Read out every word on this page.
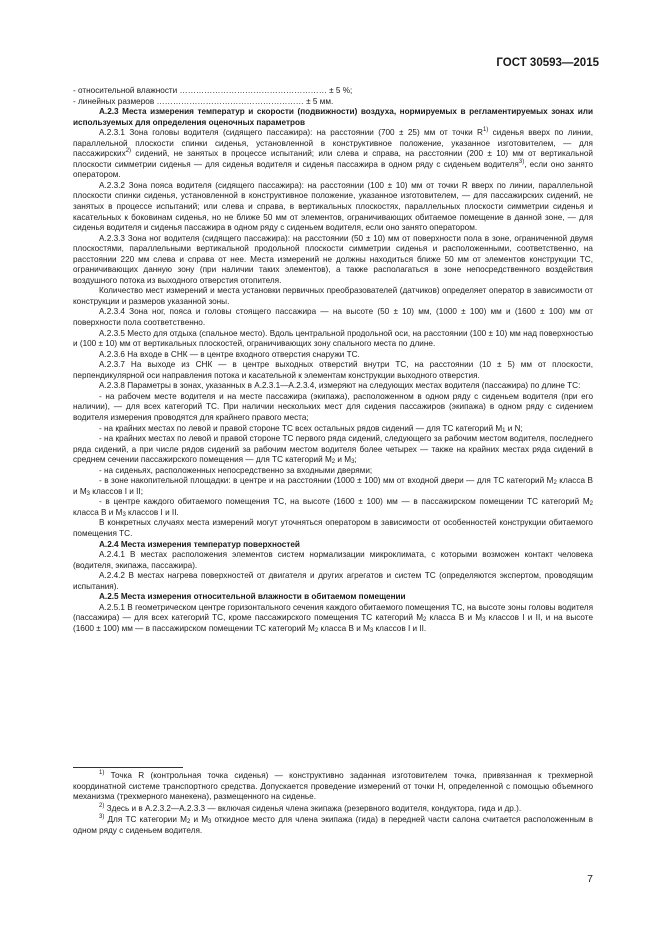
ГОСТ 30593—2015

- относительной влажности ……………………………………………… ± 5 %;

- линейных размеров ……………………………………………… ± 5 мм.

А.2.3 Места измерения температур и скорости (подвижности) воздуха, нормируемых в регламентируемых зонах или используемых для определения оценочных параметров

А.2.3.1 Зона головы водителя (сидящего пассажира): на расстоянии (700 ± 25) мм от точки $R^{1)}$ сиденья вверх по линии, параллельной плоскости спинки сиденья, установленной в конструктивное положение, указанное изготовителем, — для пассажирских$^{2)}$ сидений, не занятых в процессе испытаний; или слева и справа, на расстоянии (200 ± 10) мм от вертикальной плоскости симметрии сиденья — для сиденья водителя и сиденья пассажира в одном ряду с сиденьем водителя$^{3)}$, если оно занято оператором.

А.2.3.2 Зона пояса водителя (сидящего пассажира): на расстоянии (100 ± 10) мм от точки R вверх по линии, параллельной плоскости спинки сиденья, установленной в конструктивное положение, указанное изготовителем, — для пассажирских сидений, не занятых в процессе испытаний; или слева и справа, в вертикальных плоскостях, параллельных плоскости симметрии сиденья и касательных к боковинам сиденья, но не ближе 50 мм от элементов, ограничивающих обитаемое помещение в данной зоне, — для сиденья водителя и сиденья пассажира в одном ряду с сиденьем водителя, если оно занято оператором.

А.2.3.3 Зона ног водителя (сидящего пассажира): на расстоянии (50 ± 10) мм от поверхности пола в зоне, ограниченной двумя плоскостями, параллельными вертикальной продольной плоскости симметрии сиденья и расположенными, соответственно, на расстоянии 220 мм слева и справа от нее. Места измерений не должны находиться ближе 50 мм от элементов конструкции ТС, ограничивающих данную зону (при наличии таких элементов), а также располагаться в зоне непосредственного воздействия воздушного потока из выходного отверстия отопителя.

Количество мест измерений и места установки первичных преобразователей (датчиков) определяет оператор в зависимости от конструкции и размеров указанной зоны.

А.2.3.4 Зона ног, пояса и головы стоящего пассажира — на высоте (50 ± 10) мм, (1000 ± 100) мм и (1600 ± 100) мм от поверхности пола соответственно.

А.2.3.5 Место для отдыха (спальное место). Вдоль центральной продольной оси, на расстоянии (100 ± 10) мм над поверхностью и (100 ± 10) мм от вертикальных плоскостей, ограничивающих зону спального места по длине.

А.2.3.6 На входе в СНК — в центре входного отверстия снаружи ТС.

А.2.3.7 На выходе из СНК — в центре выходных отверстий внутри ТС, на расстоянии (10 ± 5) мм от плоскости, перпендикулярной оси направления потока и касательной к элементам конструкции выходного отверстия.

А.2.3.8 Параметры в зонах, указанных в А.2.3.1—А.2.3.4, измеряют на следующих местах водителя (пассажира) по длине ТС:

- на рабочем месте водителя и на месте пассажира (экипажа), расположенном в одном ряду с сиденьем водителя (при его наличии), — для всех категорий ТС. При наличии нескольких мест для сидения пассажиров (экипажа) в одном ряду с сидением водителя измерения проводятся для крайнего правого места;

- на крайних местах по левой и правой стороне ТС всех остальных рядов сидений — для ТС категорий $М_1$ и N;

- на крайних местах по левой и правой стороне ТС первого ряда сидений, следующего за рабочим местом водителя, последнего ряда сидений, а при числе рядов сидений за рабочим местом водителя более четырех — также на крайних местах ряда сидений в среднем сечении пассажирского помещения — для ТС категорий $М_2$ и $М_3$;

- на сиденьях, расположенных непосредственно за входными дверями;

- в зоне накопительной площадки: в центре и на расстоянии (1000 ± 100) мм от входной двери — для ТС категорий $М_2$ класса В и $М_3$ классов I и II;

- в центре каждого обитаемого помещения ТС, на высоте (1600 ± 100) мм — в пассажирском помещении ТС категорий $М_2$ класса В и $М_3$ классов I и II.

В конкретных случаях места измерений могут уточняться оператором в зависимости от особенностей конструкции обитаемого помещения ТС.

А.2.4 Места измерения температур поверхностей

А.2.4.1 В местах расположения элементов систем нормализации микроклимата, с которыми возможен контакт человека (водителя, экипажа, пассажира).

А.2.4.2 В местах нагрева поверхностей от двигателя и других агрегатов и систем ТС (определяются экспертом, проводящим испытания).

А.2.5 Места измерения относительной влажности в обитаемом помещении

А.2.5.1 В геометрическом центре горизонтального сечения каждого обитаемого помещения ТС, на высоте зоны головы водителя (пассажира) — для всех категорий ТС, кроме пассажирского помещения ТС категорий $М_2$ класса В и $М_3$ классов I и II, и на высоте (1600 ± 100) мм — в пассажирском помещении ТС категорий $М_2$ класса В и $М_3$ классов I и II.

$^{1)}$ Точка R (контрольная точка сиденья) — конструктивно заданная изготовителем точка, привязанная к трехмерной координатной системе транспортного средства. Допускается проведение измерений от точки Н, определенной с помощью объемного механизма (трехмерного манекена), размещенного на сиденье.

$^{2)}$ Здесь и в А.2.3.2—А.2.3.3 — включая сиденья члена экипажа (резервного водителя, кондуктора, гида и др.).

$^{3)}$ Для ТС категории $М_2$ и $М_3$ откидное место для члена экипажа (гида) в передней части салона считается расположенным в одном ряду с сиденьем водителя.

7
